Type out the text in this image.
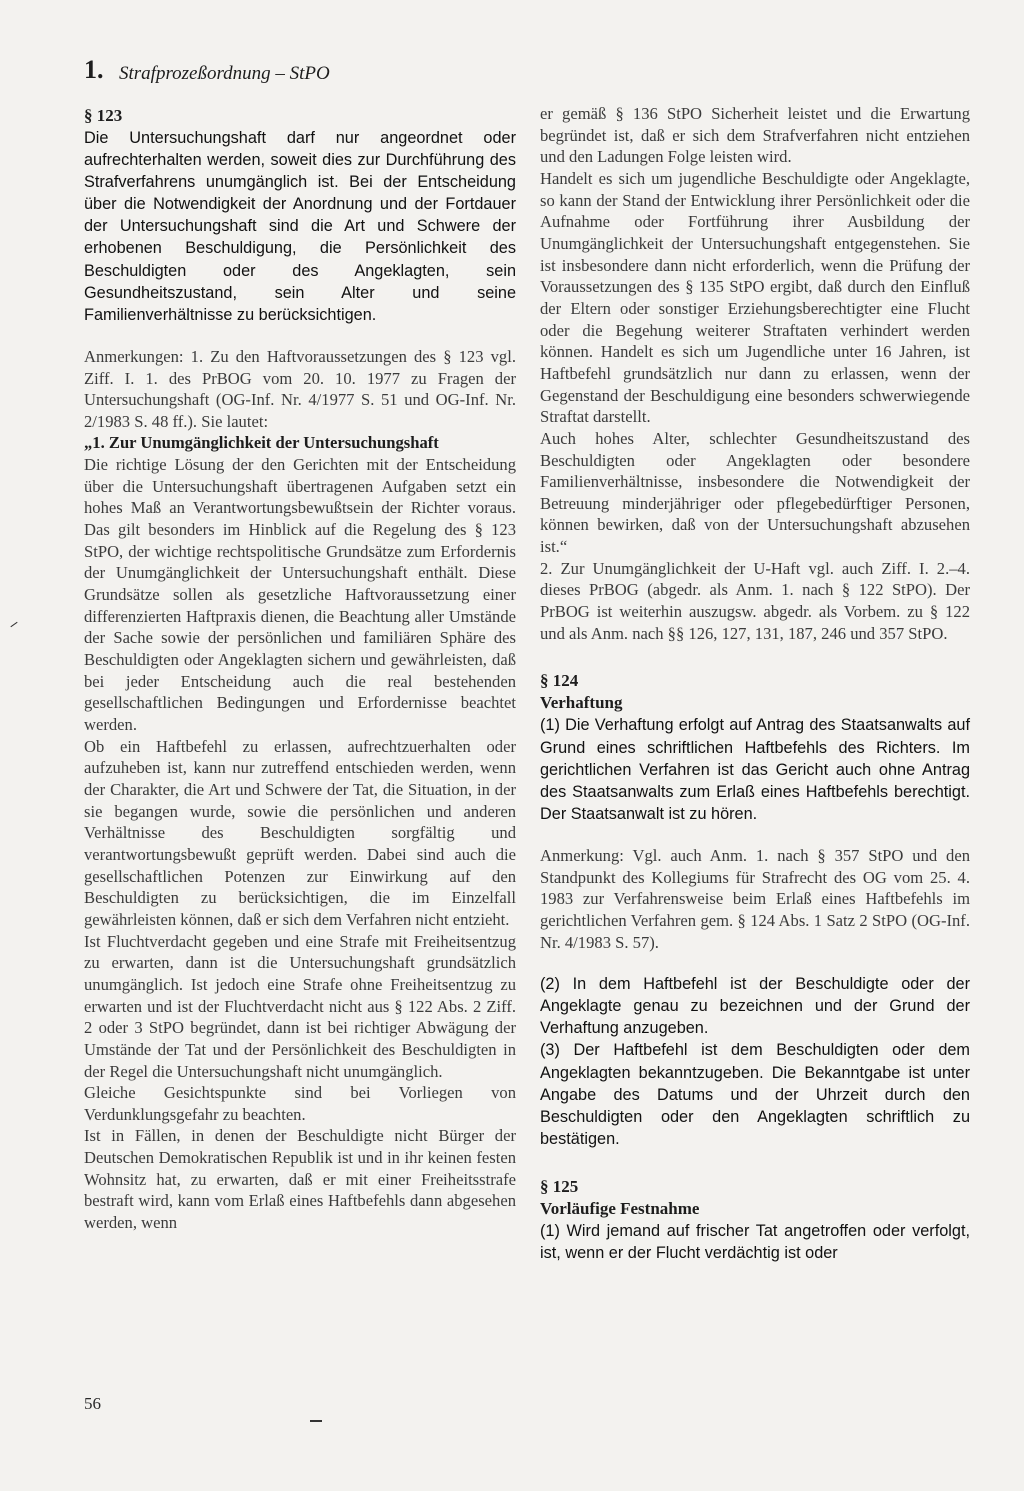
1. Strafprozeßordnung – StPO
§ 123

Die Untersuchungshaft darf nur angeordnet oder aufrechterhalten werden, soweit dies zur Durchführung des Strafverfahrens unumgänglich ist. Bei der Entscheidung über die Notwendigkeit der Anordnung und der Fortdauer der Untersuchungshaft sind die Art und Schwere der erhobenen Beschuldigung, die Persönlichkeit des Beschuldigten oder des Angeklagten, sein Gesundheitszustand, sein Alter und seine Familienverhältnisse zu berücksichtigen.

Anmerkungen: 1. Zu den Haftvoraussetzungen des § 123 vgl. Ziff. I. 1. des PrBOG vom 20. 10. 1977 zu Fragen der Untersuchungshaft (OG-Inf. Nr. 4/1977 S. 51 und OG-Inf. Nr. 2/1983 S. 48 ff.). Sie lautet:

„1. Zur Unumgänglichkeit der Untersuchungshaft

Die richtige Lösung der den Gerichten mit der Entscheidung über die Untersuchungshaft übertragenen Aufgaben setzt ein hohes Maß an Verantwortungsbewußtsein der Richter voraus. Das gilt besonders im Hinblick auf die Regelung des § 123 StPO, der wichtige rechtspolitische Grundsätze zum Erfordernis der Unumgänglichkeit der Untersuchungshaft enthält. Diese Grundsätze sollen als gesetzliche Haftvoraussetzung einer differenzierten Haftpraxis dienen, die Beachtung aller Umstände der Sache sowie der persönlichen und familiären Sphäre des Beschuldigten oder Angeklagten sichern und gewährleisten, daß bei jeder Entscheidung auch die real bestehenden gesellschaftlichen Bedingungen und Erfordernisse beachtet werden.

Ob ein Haftbefehl zu erlassen, aufrechtzuerhalten oder aufzuheben ist, kann nur zutreffend entschieden werden, wenn der Charakter, die Art und Schwere der Tat, die Situation, in der sie begangen wurde, sowie die persönlichen und anderen Verhältnisse des Beschuldigten sorgfältig und verantwortungsbewußt geprüft werden. Dabei sind auch die gesellschaftlichen Potenzen zur Einwirkung auf den Beschuldigten zu berücksichtigen, die im Einzelfall gewährleisten können, daß er sich dem Verfahren nicht entzieht.

Ist Fluchtverdacht gegeben und eine Strafe mit Freiheitsentzug zu erwarten, dann ist die Untersuchungshaft grundsätzlich unumgänglich. Ist jedoch eine Strafe ohne Freiheitsentzug zu erwarten und ist der Fluchtverdacht nicht aus § 122 Abs. 2 Ziff. 2 oder 3 StPO begründet, dann ist bei richtiger Abwägung der Umstände der Tat und der Persönlichkeit des Beschuldigten in der Regel die Untersuchungshaft nicht unumgänglich.

Gleiche Gesichtspunkte sind bei Vorliegen von Verdunklungsgefahr zu beachten.

Ist in Fällen, in denen der Beschuldigte nicht Bürger der Deutschen Demokratischen Republik ist und in ihr keinen festen Wohnsitz hat, zu erwarten, daß er mit einer Freiheitsstrafe bestraft wird, kann vom Erlaß eines Haftbefehls dann abgesehen werden, wenn

er gemäß § 136 StPO Sicherheit leistet und die Erwartung begründet ist, daß er sich dem Strafverfahren nicht entziehen und den Ladungen Folge leisten wird.

Handelt es sich um jugendliche Beschuldigte oder Angeklagte, so kann der Stand der Entwicklung ihrer Persönlichkeit oder die Aufnahme oder Fortführung ihrer Ausbildung der Unumgänglichkeit der Untersuchungshaft entgegenstehen. Sie ist insbesondere dann nicht erforderlich, wenn die Prüfung der Voraussetzungen des § 135 StPO ergibt, daß durch den Einfluß der Eltern oder sonstiger Erziehungsberechtigter eine Flucht oder die Begehung weiterer Straftaten verhindert werden können. Handelt es sich um Jugendliche unter 16 Jahren, ist Haftbefehl grundsätzlich nur dann zu erlassen, wenn der Gegenstand der Beschuldigung eine besonders schwerwiegende Straftat darstellt.

Auch hohes Alter, schlechter Gesundheitszustand des Beschuldigten oder Angeklagten oder besondere Familienverhältnisse, insbesondere die Notwendigkeit der Betreuung minderjähriger oder pflegebedürftiger Personen, können bewirken, daß von der Untersuchungshaft abzusehen ist.“

2. Zur Unumgänglichkeit der U-Haft vgl. auch Ziff. I. 2.–4. dieses PrBOG (abgedr. als Anm. 1. nach § 122 StPO). Der PrBOG ist weiterhin auszugsw. abgedr. als Vorbem. zu § 122 und als Anm. nach §§ 126, 127, 131, 187, 246 und 357 StPO.

§ 124
Verhaftung

(1) Die Verhaftung erfolgt auf Antrag des Staatsanwalts auf Grund eines schriftlichen Haftbefehls des Richters. Im gerichtlichen Verfahren ist das Gericht auch ohne Antrag des Staatsanwalts zum Erlaß eines Haftbefehls berechtigt. Der Staatsanwalt ist zu hören.

Anmerkung: Vgl. auch Anm. 1. nach § 357 StPO und den Standpunkt des Kollegiums für Strafrecht des OG vom 25. 4. 1983 zur Verfahrensweise beim Erlaß eines Haftbefehls im gerichtlichen Verfahren gem. § 124 Abs. 1 Satz 2 StPO (OG-Inf. Nr. 4/1983 S. 57).

(2) In dem Haftbefehl ist der Beschuldigte oder der Angeklagte genau zu bezeichnen und der Grund der Verhaftung anzugeben.

(3) Der Haftbefehl ist dem Beschuldigten oder dem Angeklagten bekanntzugeben. Die Bekanntgabe ist unter Angabe des Datums und der Uhrzeit durch den Beschuldigten oder den Angeklagten schriftlich zu bestätigen.

§ 125
Vorläufige Festnahme

(1) Wird jemand auf frischer Tat angetroffen oder verfolgt, ist, wenn er der Flucht verdächtig ist oder

56
